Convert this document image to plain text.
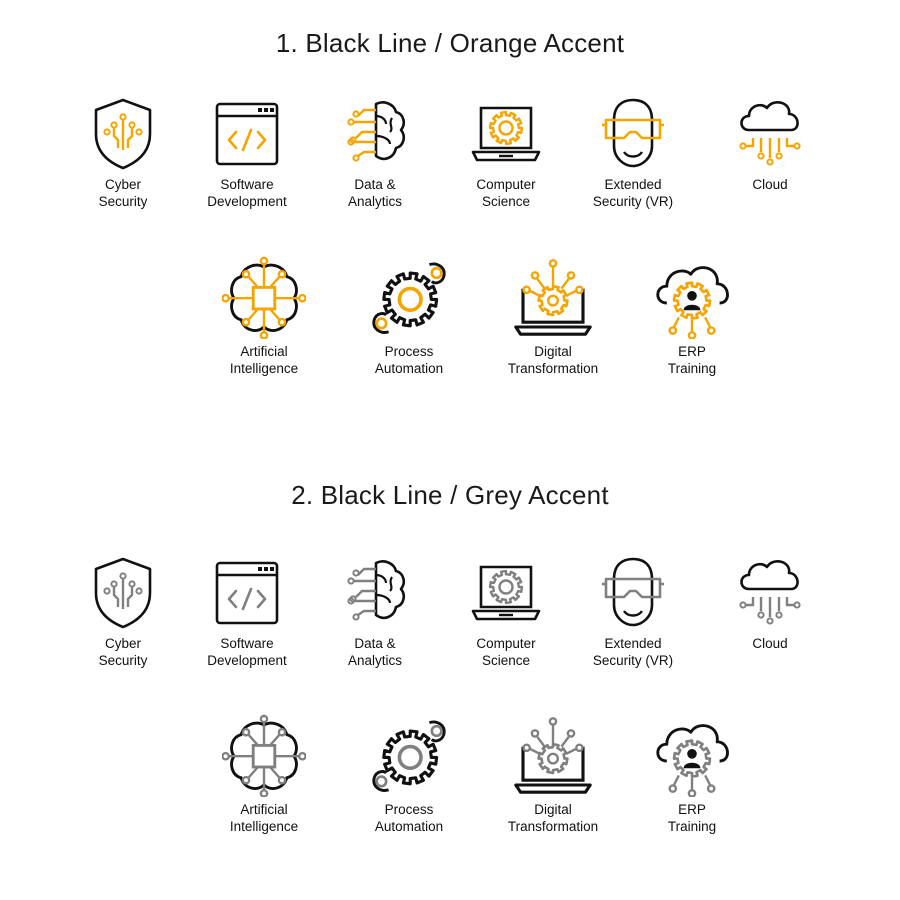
1. Black Line / Orange Accent
Cyber
Security
Software
Development
Data &
Analytics
Computer
Science
Extended
Security (VR)
Cloud
Artificial
Intelligence
Process
Automation
Digital
Transformation
ERP
Training
2. Black Line / Grey Accent
Cyber
Security
Software
Development
Data &
Analytics
Computer
Science
Extended
Security (VR)
Cloud
Artificial
Intelligence
Process
Automation
Digital
Transformation
ERP
Training
